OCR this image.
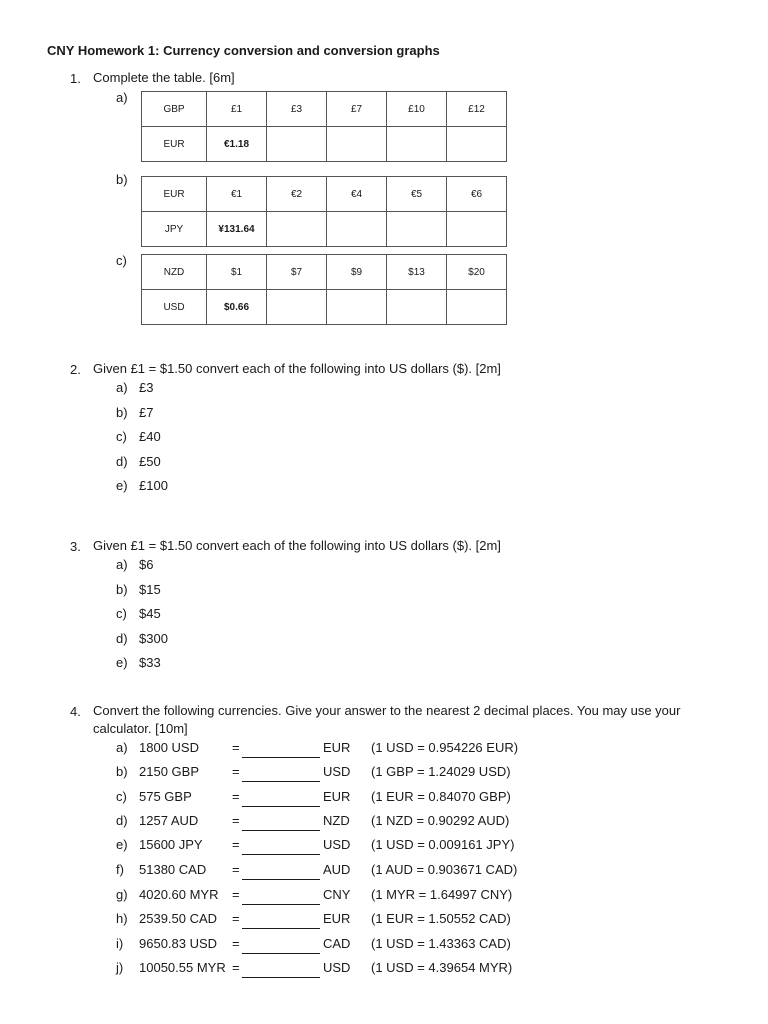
CNY Homework 1: Currency conversion and conversion graphs
1. Complete the table. [6m]
a)
GBP	£1	£3	£7	£10	£12
EUR	€1.18				
b)
EUR	€1	€2	€4	€5	€6
JPY	¥131.64				
c)
NZD	$1	$7	$9	$13	$20
USD	$0.66				
2. Given £1 = $1.50 convert each of the following into US dollars ($). [2m]
a) £3
b) £7
c) £40
d) £50
e) £100
3. Given £1 = $1.50 convert each of the following into US dollars ($). [2m]
a) $6
b) $15
c) $45
d) $300
e) $33
4. Convert the following currencies. Give your answer to the nearest 2 decimal places. You may use your
calculator. [10m]
a) 1800 USD	=	EUR (1 USD = 0.954226 EUR)
b) 2150 GBP	=	USD (1 GBP = 1.24029 USD)
c) 575 GBP	=	EUR (1 EUR = 0.84070 GBP)
d) 1257 AUD	=	NZD (1 NZD = 0.90292 AUD)
e) 15600 JPY =	USD (1 USD = 0.009161 JPY)
f) 51380 CAD =	AUD (1 AUD = 0.903671 CAD)
g) 4020.60 MYR =	CNY (1 MYR = 1.64997 CNY)
h) 2539.50 CAD =	EUR (1 EUR = 1.50552 CAD)
i) 9650.83 USD =	CAD (1 USD = 1.43363 CAD)
j) 10050.55 MYR =	USD (1 USD = 4.39654 MYR)
